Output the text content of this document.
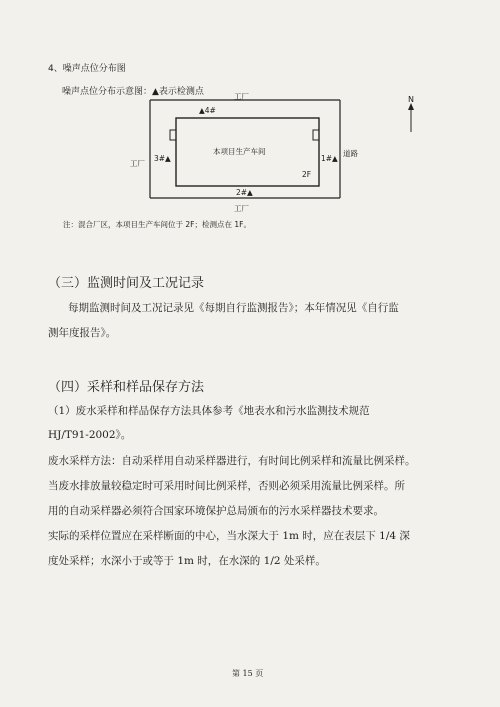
4、噪声点位分布图
噪声点位分布示意图：▲表示检测点	工厂
▲4#
本项目生产车间
3#▲
工厂
1#▲
道路
2F
2#▲
工厂
N
注：混合厂区，本项目生产车间位于 2F；检测点在 1F。
（三）监测时间及工况记录
每期监测时间及工况记录见《每期自行监测报告》；本年情况见《自行监
测年度报告》。
（四）采样和样品保存方法
（1）废水采样和样品保存方法具体参考《地表水和污水监测技术规范
HJ/T91-2002》。
废水采样方法：自动采样用自动采样器进行，有时间比例采样和流量比例采样。
当废水排放量较稳定时可采用时间比例采样，否则必须采用流量比例采样。所
用的自动采样器必须符合国家环境保护总局颁布的污水采样器技术要求。
实际的采样位置应在采样断面的中心，当水深大于 1m 时，应在表层下 1/4 深
度处采样；水深小于或等于 1m 时，在水深的 1/2 处采样。
第 15 页
